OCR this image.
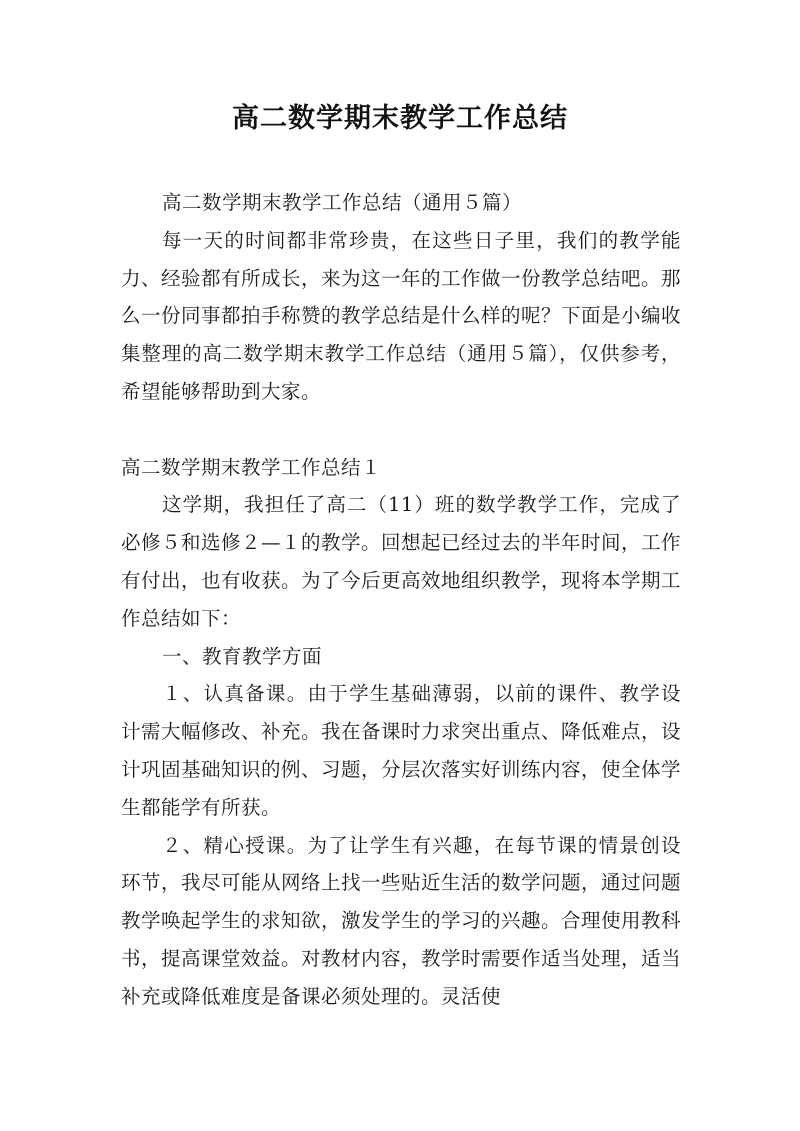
高二数学期末教学工作总结

高二数学期末教学工作总结（通用５篇）

每一天的时间都非常珍贵，在这些日子里，我们的教学能力、经验都有所成长，来为这一年的工作做一份教学总结吧。那么一份同事都拍手称赞的教学总结是什么样的呢？下面是小编收集整理的高二数学期末教学工作总结（通用５篇），仅供参考，希望能够帮助到大家。

高二数学期末教学工作总结１

这学期，我担任了高二（11）班的数学教学工作，完成了必修５和选修２—１的教学。回想起已经过去的半年时间，工作有付出，也有收获。为了今后更高效地组织教学，现将本学期工作总结如下：

一、教育教学方面

１、认真备课。由于学生基础薄弱，以前的课件、教学设计需大幅修改、补充。我在备课时力求突出重点、降低难点，设计巩固基础知识的例、习题，分层次落实好训练内容，使全体学生都能学有所获。

２、精心授课。为了让学生有兴趣，在每节课的情景创设环节，我尽可能从网络上找一些贴近生活的数学问题，通过问题教学唤起学生的求知欲，激发学生的学习的兴趣。合理使用教科书，提高课堂效益。对教材内容，教学时需要作适当处理，适当补充或降低难度是备课必须处理的。灵活使
